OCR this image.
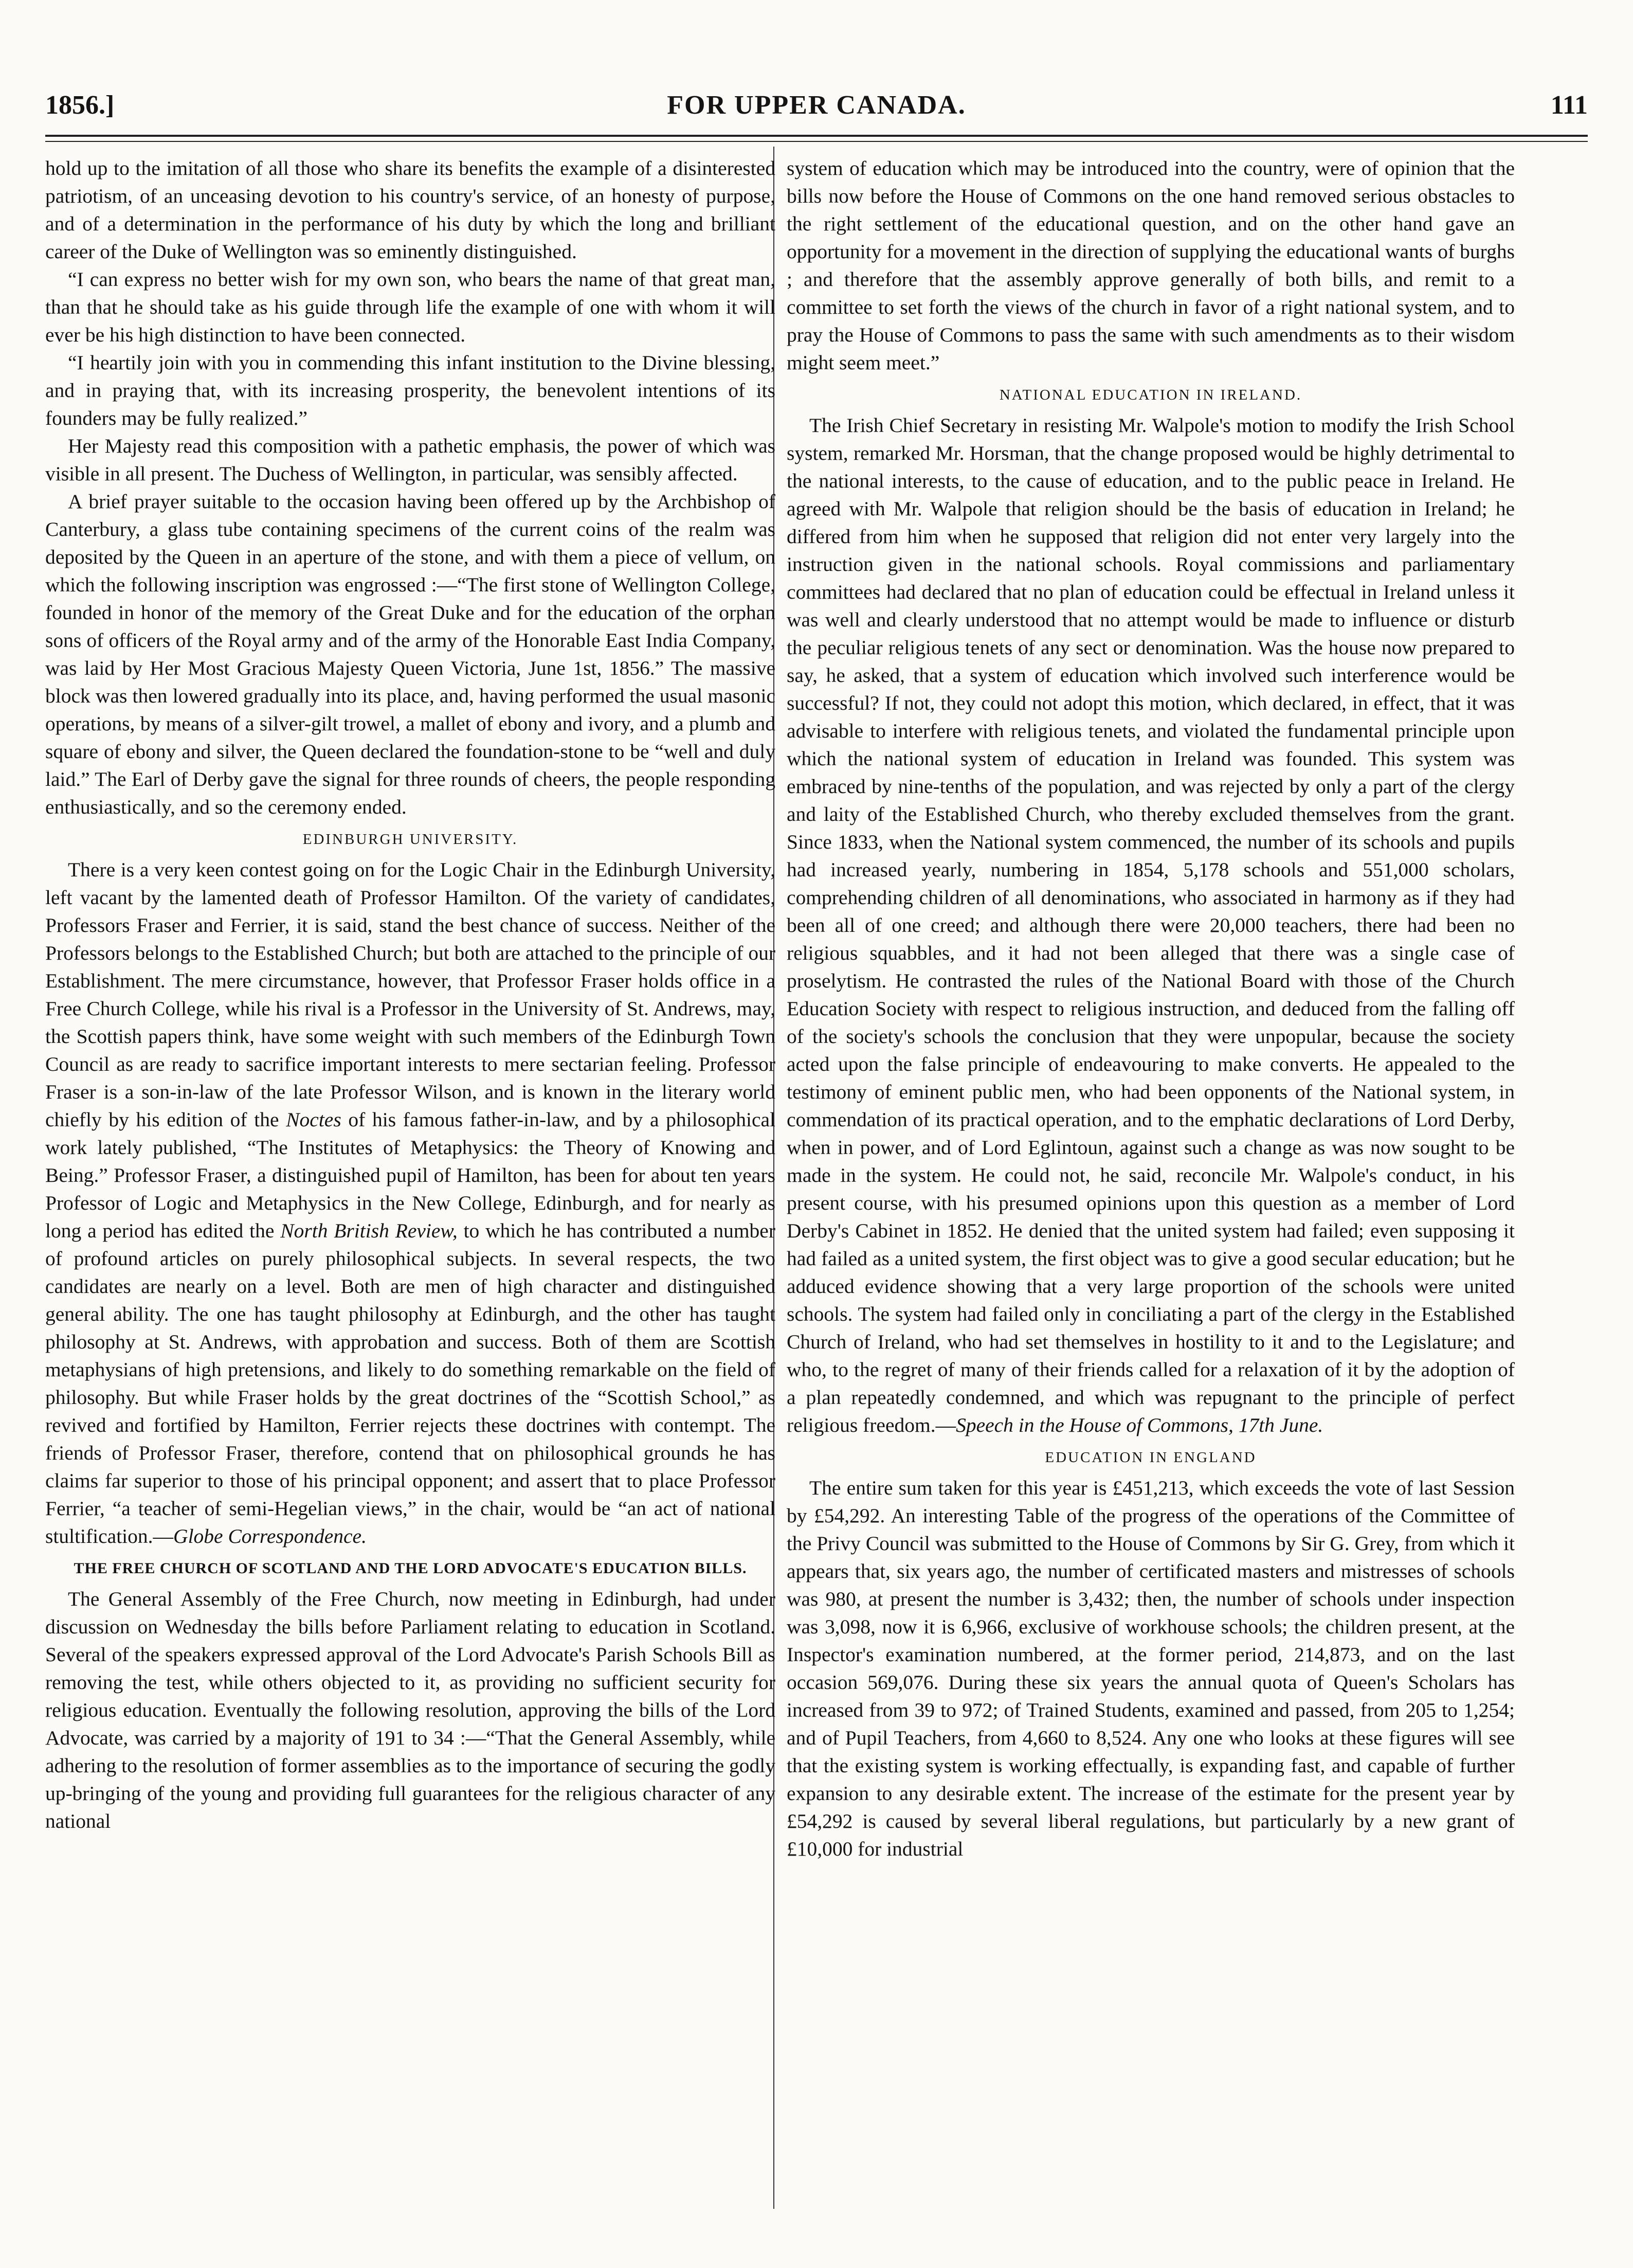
1856.]	FOR UPPER CANADA.	111

hold up to the imitation of all those who share its benefits the example of a disinterested patriotism, of an unceasing devotion to his country's service, of an honesty of purpose, and of a determination in the performance of his duty by which the long and brilliant career of the Duke of Wellington was so eminently distinguished.

“I can express no better wish for my own son, who bears the name of that great man, than that he should take as his guide through life the example of one with whom it will ever be his high distinction to have been connected.

“I heartily join with you in commending this infant institution to the Divine blessing, and in praying that, with its increasing prosperity, the benevolent intentions of its founders may be fully realized.”

Her Majesty read this composition with a pathetic emphasis, the power of which was visible in all present. The Duchess of Wellington, in particular, was sensibly affected.

A brief prayer suitable to the occasion having been offered up by the Archbishop of Canterbury, a glass tube containing specimens of the current coins of the realm was deposited by the Queen in an aperture of the stone, and with them a piece of vellum, on which the following inscription was engrossed :—“The first stone of Wellington College, founded in honor of the memory of the Great Duke and for the education of the orphan sons of officers of the Royal army and of the army of the Honorable East India Company, was laid by Her Most Gracious Majesty Queen Victoria, June 1st, 1856.” The massive block was then lowered gradually into its place, and, having performed the usual masonic operations, by means of a silver-gilt trowel, a mallet of ebony and ivory, and a plumb and square of ebony and silver, the Queen declared the foundation-stone to be “well and duly laid.” The Earl of Derby gave the signal for three rounds of cheers, the people responding enthusiastically, and so the ceremony ended.

EDINBURGH UNIVERSITY.

There is a very keen contest going on for the Logic Chair in the Edinburgh University, left vacant by the lamented death of Professor Hamilton. Of the variety of candidates, Professors Fraser and Ferrier, it is said, stand the best chance of success. Neither of the Professors belongs to the Established Church; but both are attached to the principle of our Establishment. The mere circumstance, however, that Professor Fraser holds office in a Free Church College, while his rival is a Professor in the University of St. Andrews, may, the Scottish papers think, have some weight with such members of the Edinburgh Town Council as are ready to sacrifice important interests to mere sectarian feeling. Professor Fraser is a son-in-law of the late Professor Wilson, and is known in the literary world chiefly by his edition of the Noctes of his famous father-in-law, and by a philosophical work lately published, “The Institutes of Metaphysics: the Theory of Knowing and Being.” Professor Fraser, a distinguished pupil of Hamilton, has been for about ten years Professor of Logic and Metaphysics in the New College, Edinburgh, and for nearly as long a period has edited the North British Review, to which he has contributed a number of profound articles on purely philosophical subjects. In several respects, the two candidates are nearly on a level. Both are men of high character and distinguished general ability. The one has taught philosophy at Edinburgh, and the other has taught philosophy at St. Andrews, with approbation and success. Both of them are Scottish metaphysians of high pretensions, and likely to do something remarkable on the field of philosophy. But while Fraser holds by the great doctrines of the “Scottish School,” as revived and fortified by Hamilton, Ferrier rejects these doctrines with contempt. The friends of Professor Fraser, therefore, contend that on philosophical grounds he has claims far superior to those of his principal opponent; and assert that to place Professor Ferrier, “a teacher of semi-Hegelian views,” in the chair, would be “an act of national stultification.—Globe Correspondence.

THE FREE CHURCH OF SCOTLAND AND THE LORD ADVOCATE'S EDUCATION BILLS.

The General Assembly of the Free Church, now meeting in Edinburgh, had under discussion on Wednesday the bills before Parliament relating to education in Scotland. Several of the speakers expressed approval of the Lord Advocate's Parish Schools Bill as removing the test, while others objected to it, as providing no sufficient security for religious education. Eventually the following resolution, approving the bills of the Lord Advocate, was carried by a majority of 191 to 34 :—“That the General Assembly, while adhering to the resolution of former assemblies as to the importance of securing the godly up-bringing of the young and providing full guarantees for the religious character of any national

system of education which may be introduced into the country, were of opinion that the bills now before the House of Commons on the one hand removed serious obstacles to the right settlement of the educational question, and on the other hand gave an opportunity for a movement in the direction of supplying the educational wants of burghs ; and therefore that the assembly approve generally of both bills, and remit to a committee to set forth the views of the church in favor of a right national system, and to pray the House of Commons to pass the same with such amendments as to their wisdom might seem meet.”

NATIONAL EDUCATION IN IRELAND.

The Irish Chief Secretary in resisting Mr. Walpole's motion to modify the Irish School system, remarked Mr. Horsman, that the change proposed would be highly detrimental to the national interests, to the cause of education, and to the public peace in Ireland. He agreed with Mr. Walpole that religion should be the basis of education in Ireland; he differed from him when he supposed that religion did not enter very largely into the instruction given in the national schools. Royal commissions and parliamentary committees had declared that no plan of education could be effectual in Ireland unless it was well and clearly understood that no attempt would be made to influence or disturb the peculiar religious tenets of any sect or denomination. Was the house now prepared to say, he asked, that a system of education which involved such interference would be successful? If not, they could not adopt this motion, which declared, in effect, that it was advisable to interfere with religious tenets, and violated the fundamental principle upon which the national system of education in Ireland was founded. This system was embraced by nine-tenths of the population, and was rejected by only a part of the clergy and laity of the Established Church, who thereby excluded themselves from the grant. Since 1833, when the National system commenced, the number of its schools and pupils had increased yearly, numbering in 1854, 5,178 schools and 551,000 scholars, comprehending children of all denominations, who associated in harmony as if they had been all of one creed; and although there were 20,000 teachers, there had been no religious squabbles, and it had not been alleged that there was a single case of proselytism. He contrasted the rules of the National Board with those of the Church Education Society with respect to religious instruction, and deduced from the falling off of the society's schools the conclusion that they were unpopular, because the society acted upon the false principle of endeavouring to make converts. He appealed to the testimony of eminent public men, who had been opponents of the National system, in commendation of its practical operation, and to the emphatic declarations of Lord Derby, when in power, and of Lord Eglintoun, against such a change as was now sought to be made in the system. He could not, he said, reconcile Mr. Walpole's conduct, in his present course, with his presumed opinions upon this question as a member of Lord Derby's Cabinet in 1852. He denied that the united system had failed; even supposing it had failed as a united system, the first object was to give a good secular education; but he adduced evidence showing that a very large proportion of the schools were united schools. The system had failed only in conciliating a part of the clergy in the Established Church of Ireland, who had set themselves in hostility to it and to the Legislature; and who, to the regret of many of their friends called for a relaxation of it by the adoption of a plan repeatedly condemned, and which was repugnant to the principle of perfect religious freedom.—Speech in the House of Commons, 17th June.

EDUCATION IN ENGLAND

The entire sum taken for this year is £451,213, which exceeds the vote of last Session by £54,292. An interesting Table of the progress of the operations of the Committee of the Privy Council was submitted to the House of Commons by Sir G. Grey, from which it appears that, six years ago, the number of certificated masters and mistresses of schools was 980, at present the number is 3,432; then, the number of schools under inspection was 3,098, now it is 6,966, exclusive of workhouse schools; the children present, at the Inspector's examination numbered, at the former period, 214,873, and on the last occasion 569,076. During these six years the annual quota of Queen's Scholars has increased from 39 to 972; of Trained Students, examined and passed, from 205 to 1,254; and of Pupil Teachers, from 4,660 to 8,524. Any one who looks at these figures will see that the existing system is working effectually, is expanding fast, and capable of further expansion to any desirable extent. The increase of the estimate for the present year by £54,292 is caused by several liberal regulations, but particularly by a new grant of £10,000 for industrial
